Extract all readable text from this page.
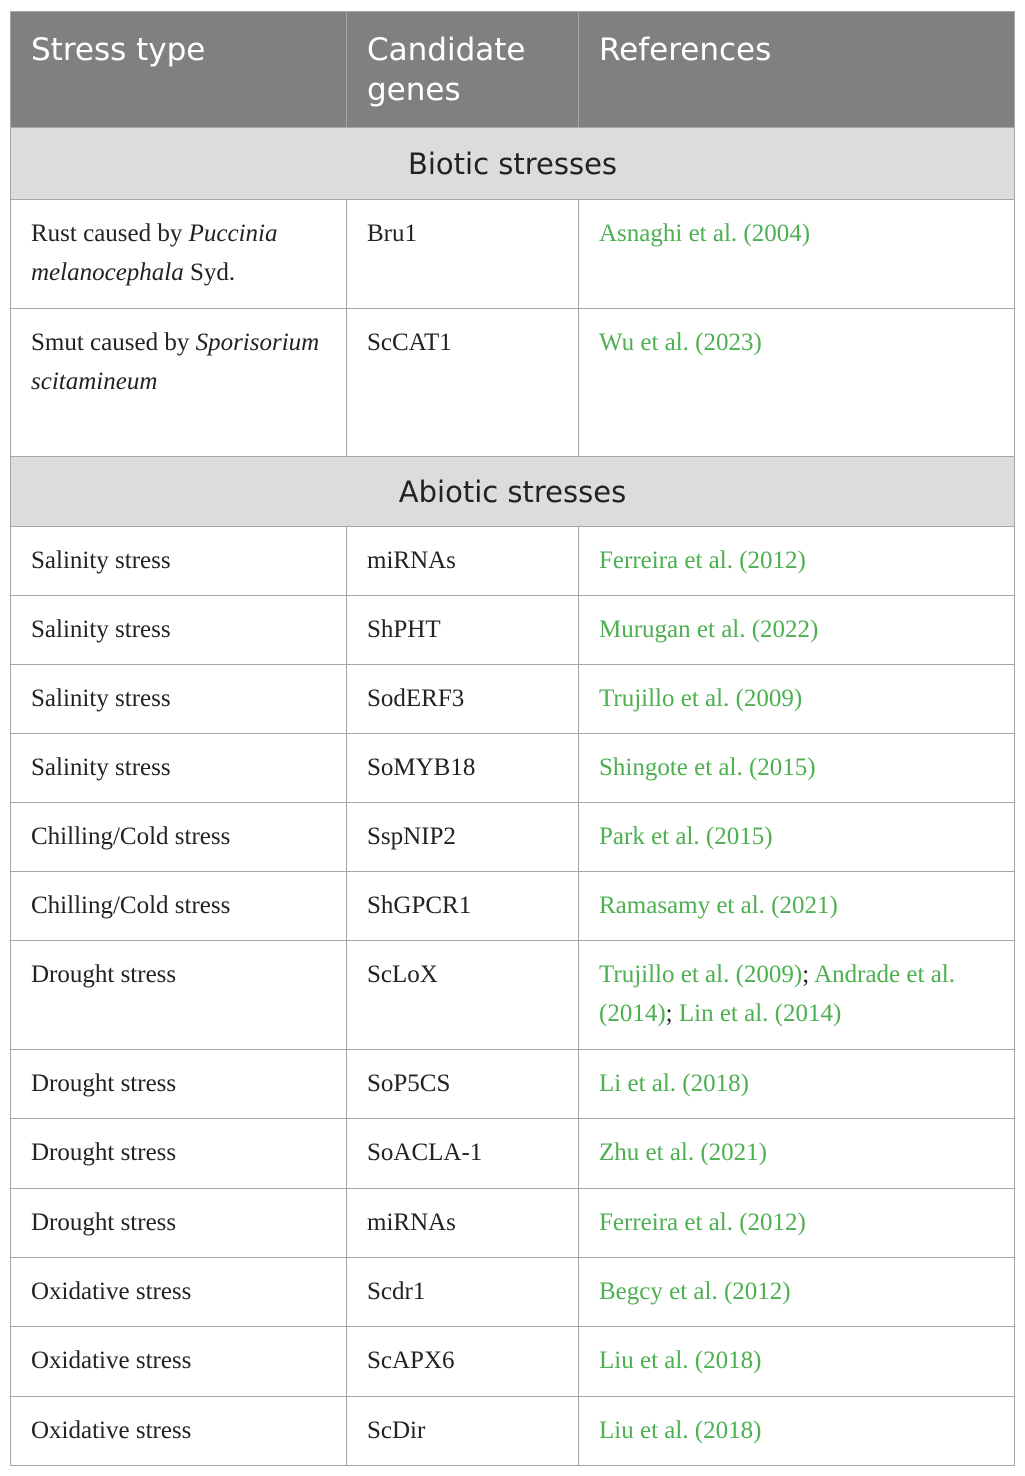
Stress type	Candidate genes	References
Biotic stresses		
Rust caused by Puccinia melanocephala Syd.	Bru1	Asnaghi et al. (2004)
Smut caused by Sporisorium scitamineum	ScCAT1	Wu et al. (2023)
Abiotic stresses		
Salinity stress	miRNAs	Ferreira et al. (2012)
Salinity stress	ShPHT	Murugan et al. (2022)
Salinity stress	SodERF3	Trujillo et al. (2009)
Salinity stress	SoMYB18	Shingote et al. (2015)
Chilling/Cold stress	SspNIP2	Park et al. (2015)
Chilling/Cold stress	ShGPCR1	Ramasamy et al. (2021)
Drought stress	ScLoX	Trujillo et al. (2009); Andrade et al. (2014); Lin et al. (2014)
Drought stress	SoP5CS	Li et al. (2018)
Drought stress	SoACLA-1	Zhu et al. (2021)
Drought stress	miRNAs	Ferreira et al. (2012)
Oxidative stress	Scdr1	Begcy et al. (2012)
Oxidative stress	ScAPX6	Liu et al. (2018)
Oxidative stress	ScDir	Liu et al. (2018)
